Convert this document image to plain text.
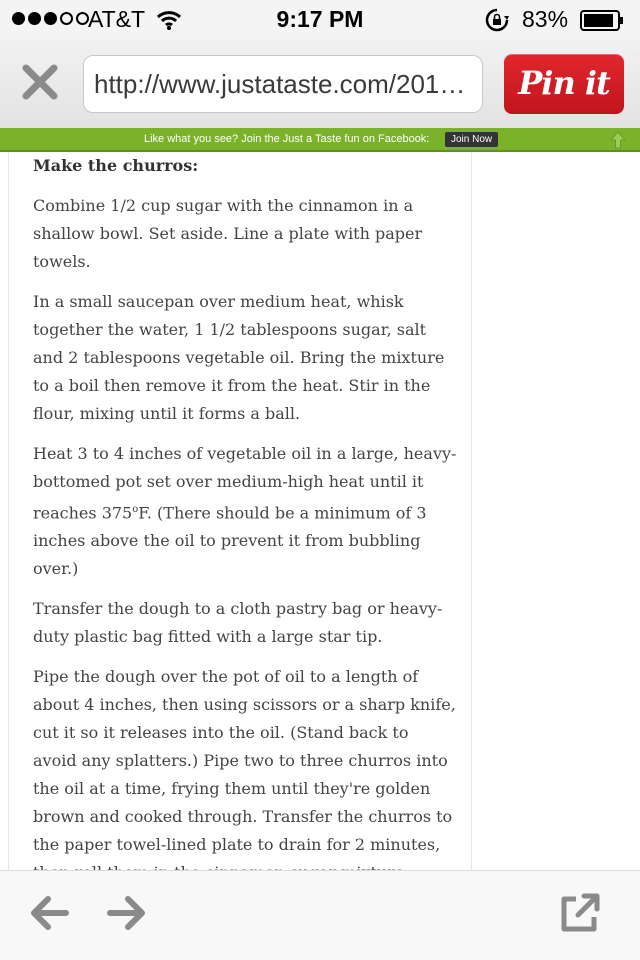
AT&T	9:17 PM	83%
http://www.justataste.com/201…	Pin it
Like what you see? Join the Just a Taste fun on Facebook:	Join Now
Make the churros:

Combine 1/2 cup sugar with the cinnamon in a shallow bowl. Set aside. Line a plate with paper towels.

In a small saucepan over medium heat, whisk together the water, 1 1/2 tablespoons sugar, salt and 2 tablespoons vegetable oil. Bring the mixture to a boil then remove it from the heat. Stir in the flour, mixing until it forms a ball.

Heat 3 to 4 inches of vegetable oil in a large, heavy-bottomed pot set over medium-high heat until it reaches 375$^o$F. (There should be a minimum of 3 inches above the oil to prevent it from bubbling over.)

Transfer the dough to a cloth pastry bag or heavy-duty plastic bag fitted with a large star tip.

Pipe the dough over the pot of oil to a length of about 4 inches, then using scissors or a sharp knife, cut it so it releases into the oil. (Stand back to avoid any splatters.) Pipe two to three churros into the oil at a time, frying them until they're golden brown and cooked through. Transfer the churros to the paper towel-lined plate to drain for 2 minutes,
